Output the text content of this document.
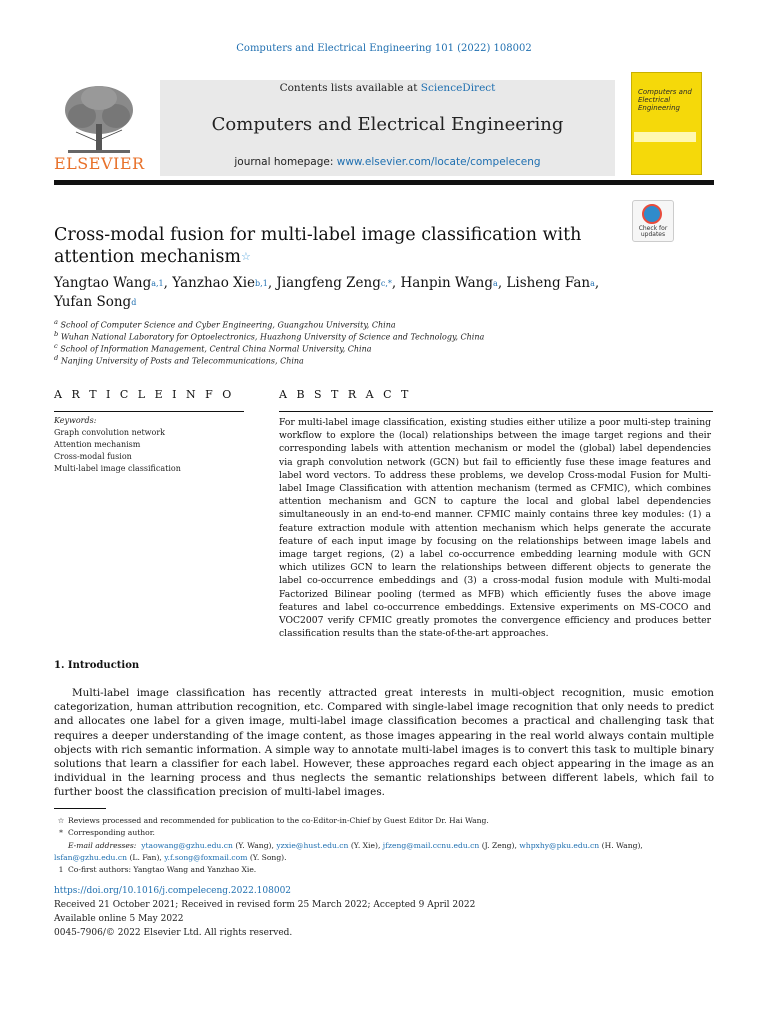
Computers and Electrical Engineering 101 (2022) 108002
ELSEVIER
Contents lists available at ScienceDirect
Computers and Electrical Engineering
journal homepage: www.elsevier.com/locate/compeleceng
Computers and Electrical Engineering
Check for updates
Cross-modal fusion for multi-label image classification with attention mechanism☆
Yangtao Wang$^{a,1}$, Yanzhao Xie$^{b,1}$, Jiangfeng Zeng$^{c,*}$, Hanpin Wang$^a$, Lisheng Fan$^a$,
Yufan Song$^d$
$^a$ School of Computer Science and Cyber Engineering, Guangzhou University, China
$^b$ Wuhan National Laboratory for Optoelectronics, Huazhong University of Science and Technology, China
$^c$ School of Information Management, Central China Normal University, China
$^d$ Nanjing University of Posts and Telecommunications, China
A R T I C L E I N F O	A B S T R A C T
Keywords:
Graph convolution network
Attention mechanism
Cross-modal fusion
Multi-label image classification
For multi-label image classification, existing studies either utilize a poor multi-step training workflow to explore the (local) relationships between the image target regions and their corresponding labels with attention mechanism or model the (global) label dependencies via graph convolution network (GCN) but fail to efficiently fuse these image features and label word vectors. To address these problems, we develop Cross-modal Fusion for Multi-label Image Classification with attention mechanism (termed as CFMIC), which combines attention mechanism and GCN to capture the local and global label dependencies simultaneously in an end-to-end manner. CFMIC mainly contains three key modules: (1) a feature extraction module with attention mechanism which helps generate the accurate feature of each input image by focusing on the relationships between image labels and image target regions, (2) a label co-occurrence embedding learning module with GCN which utilizes GCN to learn the relationships between different objects to generate the label co-occurrence embeddings and (3) a cross-modal fusion module with Multi-modal Factorized Bilinear pooling (termed as MFB) which efficiently fuses the above image features and label co-occurrence embeddings. Extensive experiments on MS-COCO and VOC2007 verify CFMIC greatly promotes the convergence efficiency and produces better classification results than the state-of-the-art approaches.
1. Introduction
Multi-label image classification has recently attracted great interests in multi-object recognition, music emotion categorization, human attribution recognition, etc. Compared with single-label image recognition that only needs to predict and allocates one label for a given image, multi-label image classification becomes a practical and challenging task that requires a deeper understanding of the image content, as those images appearing in the real world always contain multiple objects with rich semantic information. A simple way to annotate multi-label images is to convert this task to multiple binary solutions that learn a classifier for each label. However, these approaches regard each object appearing in the image as an individual in the learning process and thus neglects the semantic relationships between different labels, which fail to further boost the classification precision of multi-label images.
☆ Reviews processed and recommended for publication to the co-Editor-in-Chief by Guest Editor Dr. Hai Wang.
* Corresponding author.
E-mail addresses: ytaowang@gzhu.edu.cn (Y. Wang), yzxie@hust.edu.cn (Y. Xie), jfzeng@mail.ccnu.edu.cn (J. Zeng), whpxhy@pku.edu.cn (H. Wang),
lsfan@gzhu.edu.cn (L. Fan), y.f.song@foxmail.com (Y. Song).
1 Co-first authors: Yangtao Wang and Yanzhao Xie.
https://doi.org/10.1016/j.compeleceng.2022.108002
Received 21 October 2021; Received in revised form 25 March 2022; Accepted 9 April 2022
Available online 5 May 2022
0045-7906/© 2022 Elsevier Ltd. All rights reserved.
